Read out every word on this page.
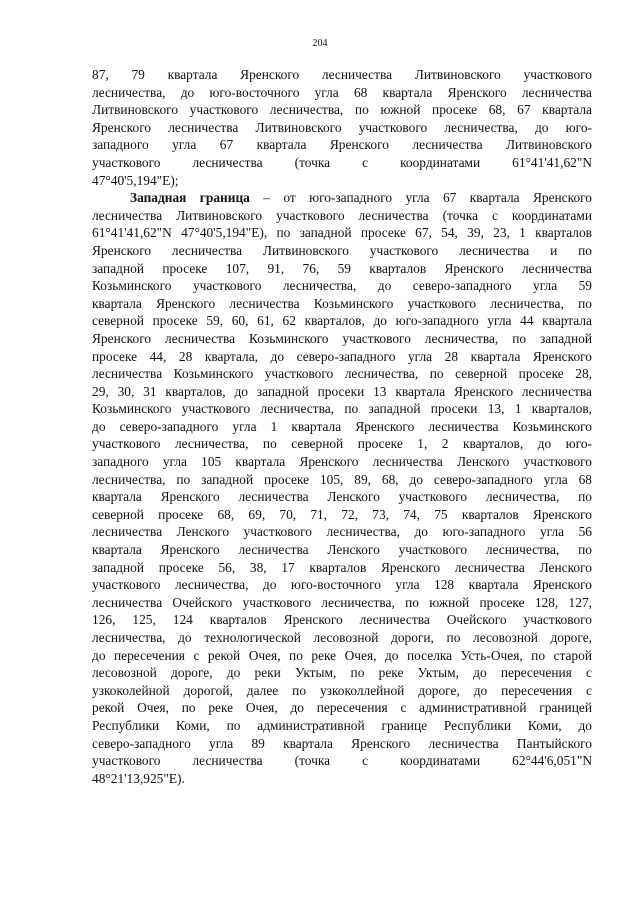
204
87, 79 квартала Яренского лесничества Литвиновского участкового
лесничества, до юго-восточного угла 68 квартала Яренского лесничества
Литвиновского участкового лесничества, по южной просеке 68, 67 квартала
Яренского лесничества Литвиновского участкового лесничества, до юго-
западного угла 67 квартала Яренского лесничества Литвиновского
участкового лесничества (точка с координатами 61°41'41,62"N
47°40'5,194"E);
Западная граница – от юго-западного угла 67 квартала Яренского
лесничества Литвиновского участкового лесничества (точка с координатами
61°41'41,62"N 47°40'5,194"E), по западной просеке 67, 54, 39, 23, 1 кварталов
Яренского лесничества Литвиновского участкового лесничества и по
западной просеке 107, 91, 76, 59 кварталов Яренского лесничества
Козьминского участкового лесничества, до северо-западного угла 59
квартала Яренского лесничества Козьминского участкового лесничества, по
северной просеке 59, 60, 61, 62 кварталов, до юго-западного угла 44 квартала
Яренского лесничества Козьминского участкового лесничества, по западной
просеке 44, 28 квартала, до северо-западного угла 28 квартала Яренского
лесничества Козьминского участкового лесничества, по северной просеке 28,
29, 30, 31 кварталов, до западной просеки 13 квартала Яренского лесничества
Козьминского участкового лесничества, по западной просеки 13, 1 кварталов,
до северо-западного угла 1 квартала Яренского лесничества Козьминского
участкового лесничества, по северной просеке 1, 2 кварталов, до юго-
западного угла 105 квартала Яренского лесничества Ленского участкового
лесничества, по западной просеке 105, 89, 68, до северо-западного угла 68
квартала Яренского лесничества Ленского участкового лесничества, по
северной просеке 68, 69, 70, 71, 72, 73, 74, 75 кварталов Яренского
лесничества Ленского участкового лесничества, до юго-западного угла 56
квартала Яренского лесничества Ленского участкового лесничества, по
западной просеке 56, 38, 17 кварталов Яренского лесничества Ленского
участкового лесничества, до юго-восточного угла 128 квартала Яренского
лесничества Очейского участкового лесничества, по южной просеке 128, 127,
126, 125, 124 кварталов Яренского лесничества Очейского участкового
лесничества, до технологической лесовозной дороги, по лесовозной дороге,
до пересечения с рекой Очея, по реке Очея, до поселка Усть-Очея, по старой
лесовозной дороге, до реки Уктым, по реке Уктым, до пересечения с
узкоколейной дорогой, далее по узкоколлейной дороге, до пересечения с
рекой Очея, по реке Очея, до пересечения с административной границей
Республики Коми, по административной границе Республики Коми, до
северо-западного угла 89 квартала Яренского лесничества Пантыйского
участкового лесничества (точка с координатами 62°44'6,051"N
48°21'13,925"E).
